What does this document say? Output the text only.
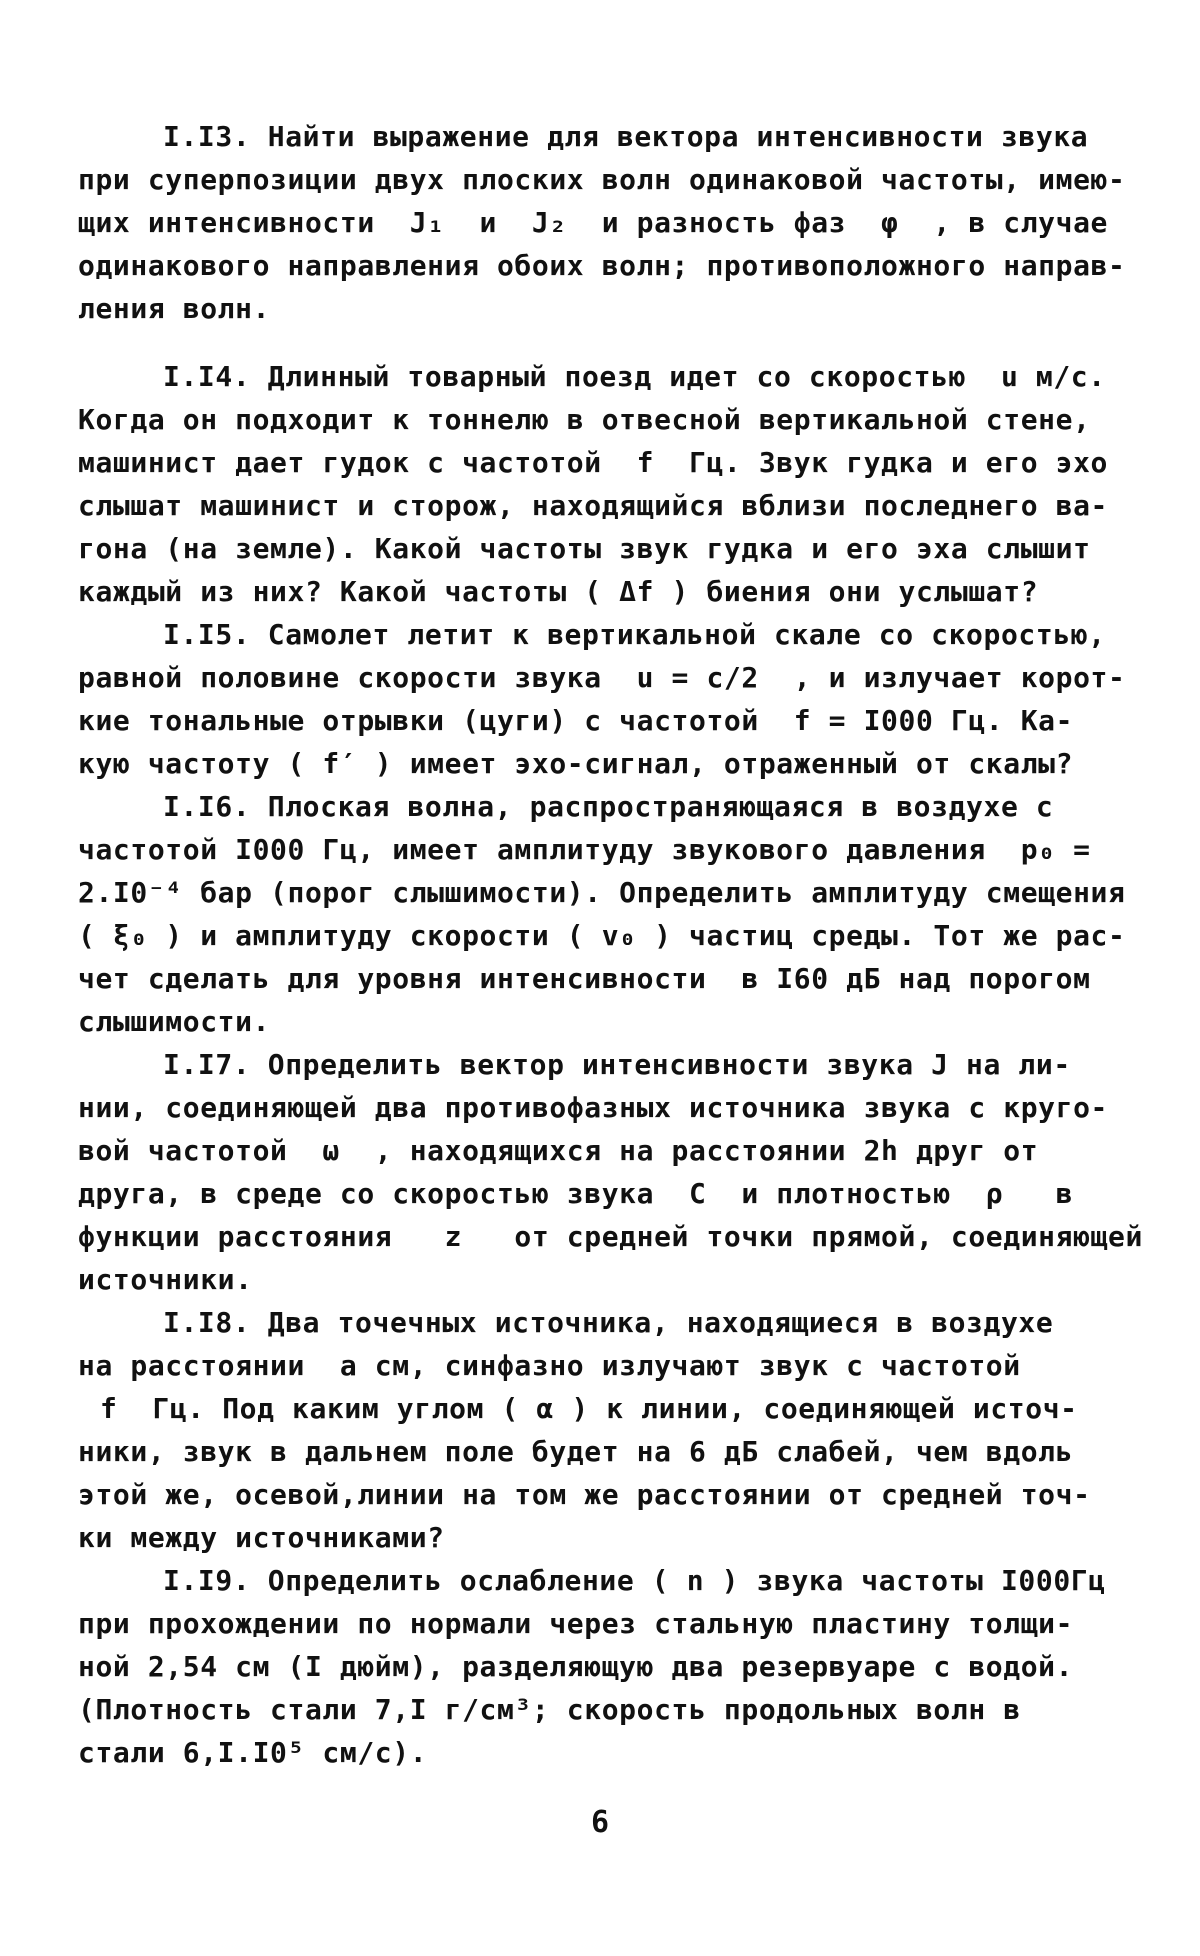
I.I3. Найти выражение для вектора интенсивности звука
при суперпозиции двух плоских волн одинаковой частоты, имею-
щих интенсивности  J₁  и  J₂  и разность фаз  φ  , в случае
одинакового направления обоих волн; противоположного направ-
ления волн.
I.I4. Длинный товарный поезд идет со скоростью  u м/с.
Когда он подходит к тоннелю в отвесной вертикальной стене,
машинист дает гудок с частотой  f  Гц. Звук гудка и его эхо
слышат машинист и сторож, находящийся вблизи последнего ва-
гона (на земле). Какой частоты звук гудка и его эха слышит
каждый из них? Какой частоты ( Δf ) биения они услышат?
I.I5. Самолет летит к вертикальной скале со скоростью,
равной половине скорости звука  u = c/2  , и излучает корот-
кие тональные отрывки (цуги) с частотой  f = I000 Гц. Ка-
кую частоту ( f′ ) имеет эхо-сигнал, отраженный от скалы?
I.I6. Плоская волна, распространяющаяся в воздухе с
частотой I000 Гц, имеет амплитуду звукового давления  p₀ =
2.I0⁻⁴ бар (порог слышимости). Определить амплитуду смещения
( ξ₀ ) и амплитуду скорости ( v₀ ) частиц среды. Тот же рас-
чет сделать для уровня интенсивности  в I60 дБ над порогом
слышимости.
I.I7. Определить вектор интенсивности звука J на ли-
нии, соединяющей два противофазных источника звука с круго-
вой частотой  ω  , находящихся на расстоянии 2h друг от
друга, в среде со скоростью звука  C  и плотностью  ρ   в
функции расстояния   z   от средней точки прямой, соединяющей
источники.
I.I8. Два точечных источника, находящиеся в воздухе
на расстоянии  a см, синфазно излучают звук с частотой
f  Гц. Под каким углом ( α ) к линии, соединяющей источ-
ники, звук в дальнем поле будет на 6 дБ слабей, чем вдоль
этой же, осевой,линии на том же расстоянии от средней точ-
ки между источниками?
I.I9. Определить ослабление ( n ) звука частоты I000Гц
при прохождении по нормали через стальную пластину толщи-
ной 2,54 см (I дюйм), разделяющую два резервуаре с водой.
(Плотность стали 7,I г/см³; скорость продольных волн в
стали 6,I.I0⁵ см/с).
6
